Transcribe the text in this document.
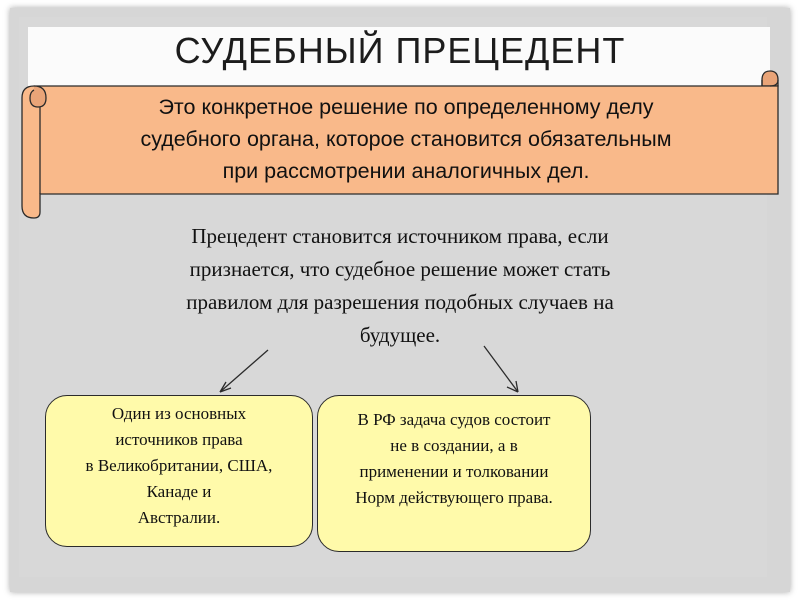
СУДЕБНЫЙ ПРЕЦЕДЕНТ
Это конкретное решение по определенному делу
судебного органа, которое становится обязательным
при рассмотрении аналогичных дел.
Прецедент становится источником права, если
признается, что судебное решение может стать
правилом для разрешения подобных случаев на
будущее.
Один из основных
источников права
в Великобритании, США,
Канаде и
Австралии.
В РФ задача судов состоит
не в создании, а в
применении и толковании
Норм действующего права.
